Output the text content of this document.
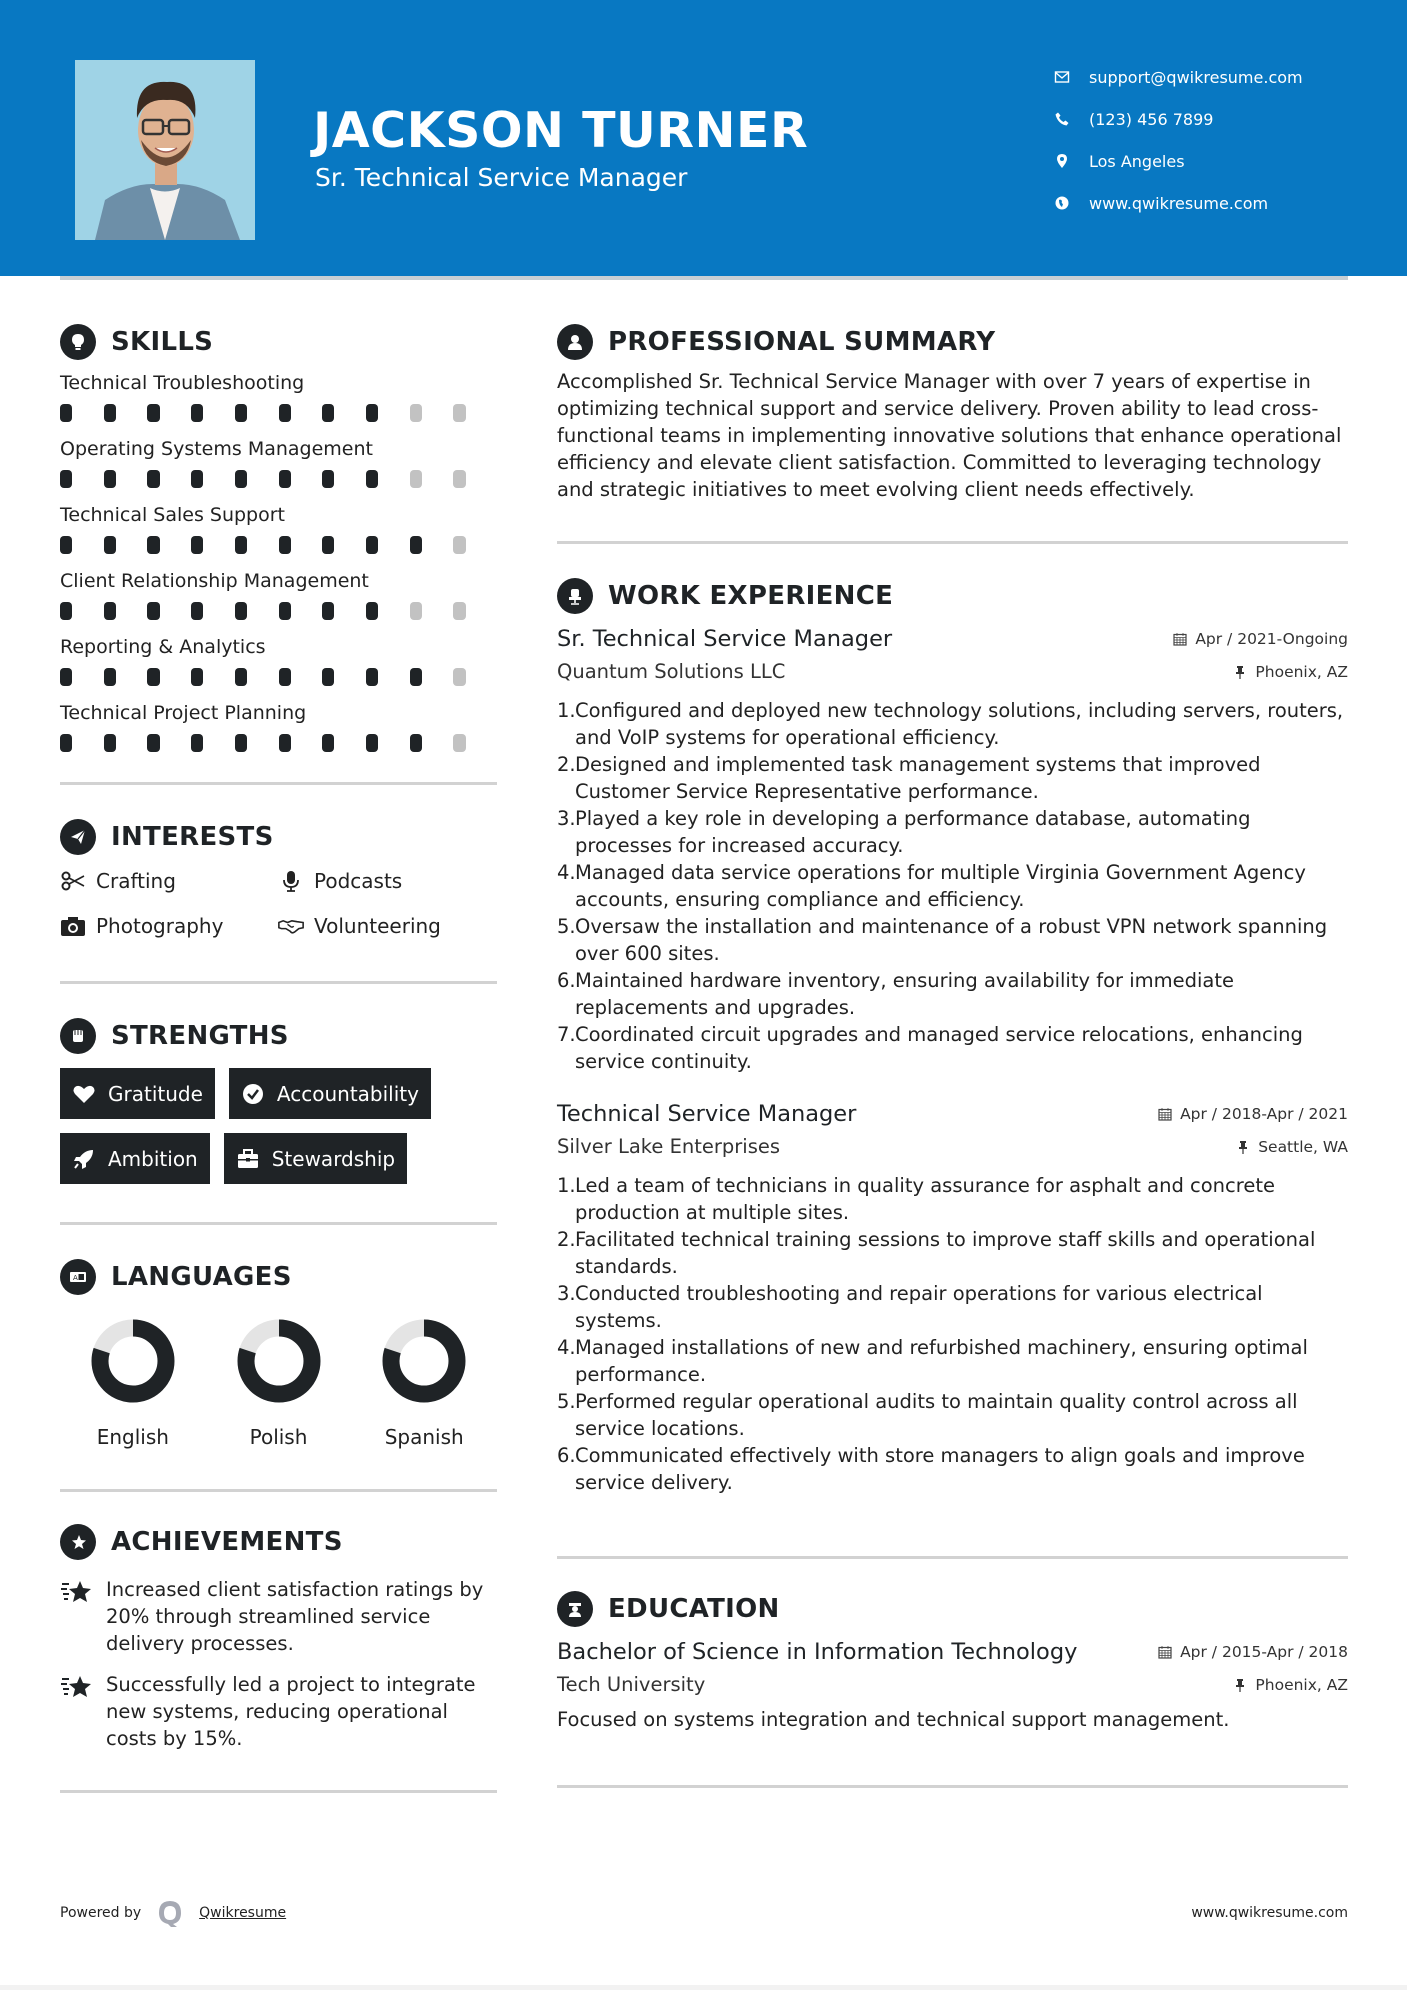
JACKSON TURNER
Sr. Technical Service Manager
support@qwikresume.com
(123) 456 7899
Los Angeles
www.qwikresume.com
SKILLS
Technical Troubleshooting
Operating Systems Management
Technical Sales Support
Client Relationship Management
Reporting & Analytics
Technical Project Planning
INTERESTS
Crafting	Podcasts
Photography	Volunteering
STRENGTHS
Gratitude	Accountability
Ambition	Stewardship
A LANGUAGES
English	Polish	Spanish
ACHIEVEMENTS
Increased client satisfaction ratings by 20% through streamlined service delivery processes.
Successfully led a project to integrate new systems, reducing operational costs by 15%.
PROFESSIONAL SUMMARY

Accomplished Sr. Technical Service Manager with over 7 years of expertise in optimizing technical support and service delivery. Proven ability to lead cross-functional teams in implementing innovative solutions that enhance operational efficiency and elevate client satisfaction. Committed to leveraging technology and strategic initiatives to meet evolving client needs effectively.

WORK EXPERIENCE
Sr. Technical Service Manager	Apr / 2021-Ongoing
Quantum Solutions LLC	Phoenix, AZ
1. Configured and deployed new technology solutions, including servers, routers, and VoIP systems for operational efficiency.
2. Designed and implemented task management systems that improved Customer Service Representative performance.
3. Played a key role in developing a performance database, automating processes for increased accuracy.
4. Managed data service operations for multiple Virginia Government Agency accounts, ensuring compliance and efficiency.
5. Oversaw the installation and maintenance of a robust VPN network spanning over 600 sites.
6. Maintained hardware inventory, ensuring availability for immediate replacements and upgrades.
7. Coordinated circuit upgrades and managed service relocations, enhancing service continuity.
Technical Service Manager	Apr / 2018-Apr / 2021
Silver Lake Enterprises	Seattle, WA
1. Led a team of technicians in quality assurance for asphalt and concrete production at multiple sites.
2. Facilitated technical training sessions to improve staff skills and operational standards.
3. Conducted troubleshooting and repair operations for various electrical systems.
4. Managed installations of new and refurbished machinery, ensuring optimal performance.
5. Performed regular operational audits to maintain quality control across all service locations.
6. Communicated effectively with store managers to align goals and improve service delivery.
EDUCATION
Bachelor of Science in Information Technology	Apr / 2015-Apr / 2018
Tech University	Phoenix, AZ

Focused on systems integration and technical support management.

Powered by	Qwikresume	www.qwikresume.com
